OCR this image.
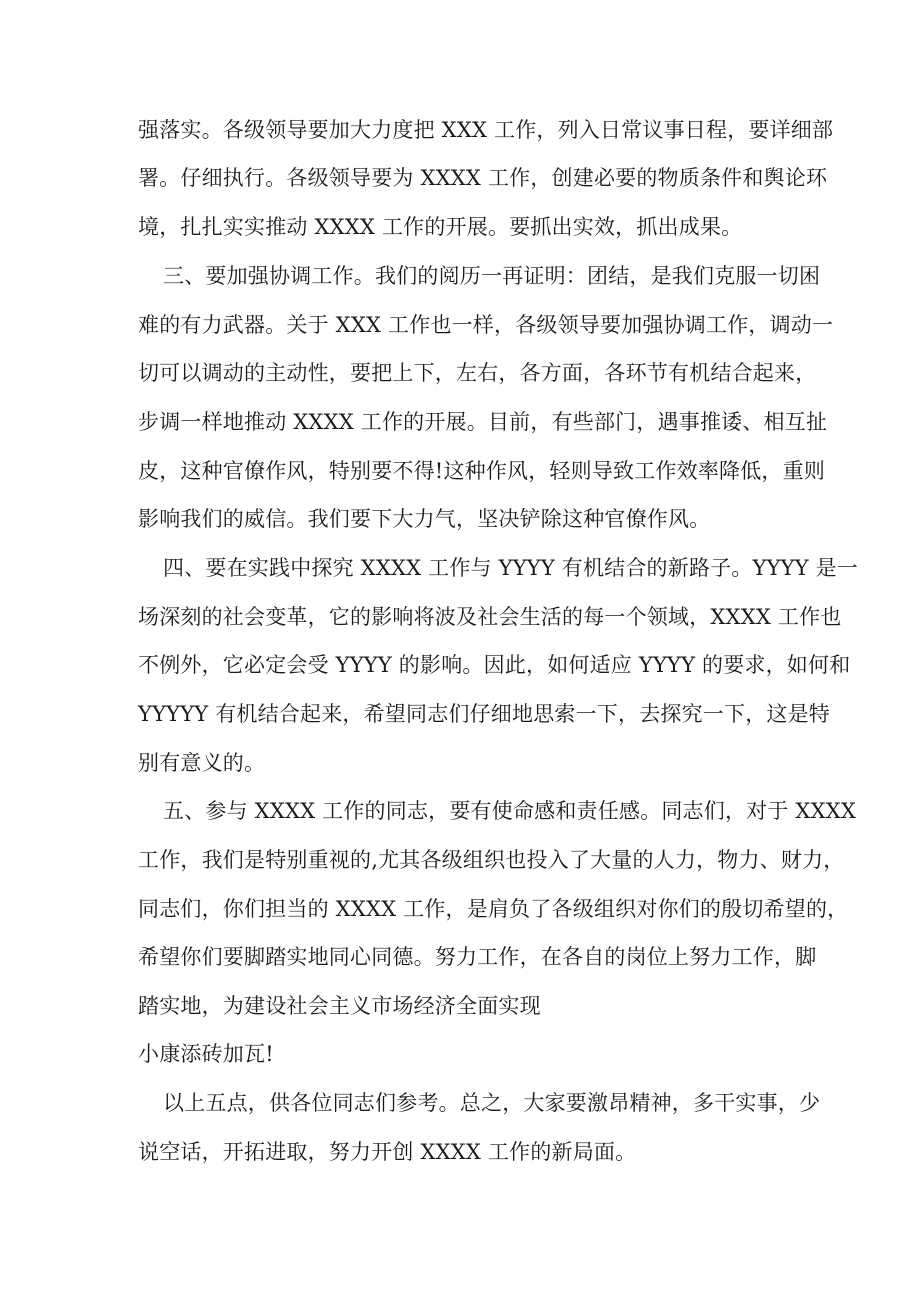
强落实。各级领导要加大力度把 XXX 工作，列入日常议事日程，要详细部
署。仔细执行。各级领导要为 XXXX 工作，创建必要的物质条件和舆论环
境，扎扎实实推动 XXXX 工作的开展。要抓出实效，抓出成果。
三、要加强协调工作。我们的阅历一再证明：团结，是我们克服一切困
难的有力武器。关于 XXX 工作也一样，各级领导要加强协调工作，调动一
切可以调动的主动性，要把上下，左右，各方面，各环节有机结合起来，
步调一样地推动 XXXX 工作的开展。目前，有些部门，遇事推诿、相互扯
皮，这种官僚作风，特别要不得!这种作风，轻则导致工作效率降低，重则
影响我们的威信。我们要下大力气，坚决铲除这种官僚作风。
四、要在实践中探究 XXXX 工作与 YYYY 有机结合的新路子。YYYY 是一
场深刻的社会变革，它的影响将波及社会生活的每一个领域，XXXX 工作也
不例外，它必定会受 YYYY 的影响。因此，如何适应 YYYY 的要求，如何和
YYYYY 有机结合起来，希望同志们仔细地思索一下，去探究一下，这是特
别有意义的。
五、参与 XXXX 工作的同志，要有使命感和责任感。同志们，对于 XXXX
工作，我们是特别重视的,尤其各级组织也投入了大量的人力，物力、财力，
同志们，你们担当的 XXXX 工作，是肩负了各级组织对你们的殷切希望的，
希望你们要脚踏实地同心同德。努力工作，在各自的岗位上努力工作，脚
踏实地，为建设社会主义市场经济全面实现
小康添砖加瓦!
以上五点，供各位同志们参考。总之，大家要激昂精神，多干实事，少
说空话，开拓进取，努力开创 XXXX 工作的新局面。
